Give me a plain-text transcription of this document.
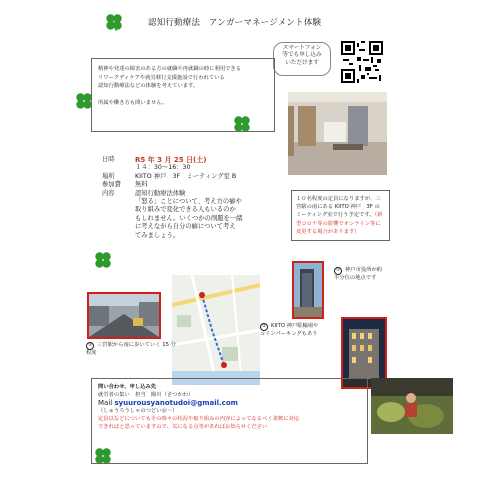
認知行動療法　アンガーマネージメント体験
スマートフォン
等でも申し込み
いただけます
精神や発達の障害のある方の就職や再就職の時に利用できる
リワークディケアや就労移行支援施設で行われている
認知行動療法などの体験を考えています。
所属や働き方も問いません。
日時	R5 年 3 月 25 日(土)
１４：30〜16：30
場所	KIITO 神戸　3F　ミーティング室 B
参加費	無料
内容	認知行動療法体験
「怒る」ことについて、考え方の癖や
取り組みで変化できる人もいるのか
もしれません。いくつかの削題を一緒
に考えながら自分の癖について考え
てみましょう。
１０名程度の定員になりますが、三宮駅の南にある KIITO 神戸　3F のミーティング室で行う予定です。（新型コロナ等の影響でオンライン等に変更する場合があります）
① 神戸市役所が約半分位の地点です
② KIITO 神戸駐輪場やコインパーキングもあり
③ 三宮駅から南に歩いていく 15 分程度
問い合わせ、申し込み先
就労者の集い　担当　陽川（さつかわ）
Mail syuurousyanotudoi@gmail.com
（しゅうろうしゃのつどい＠～）
定員以などについてもその時々の状況や取り組みの内容によってなるべく柔軟に対応
できればと思っていますので、気になる点等があればお知らせください
